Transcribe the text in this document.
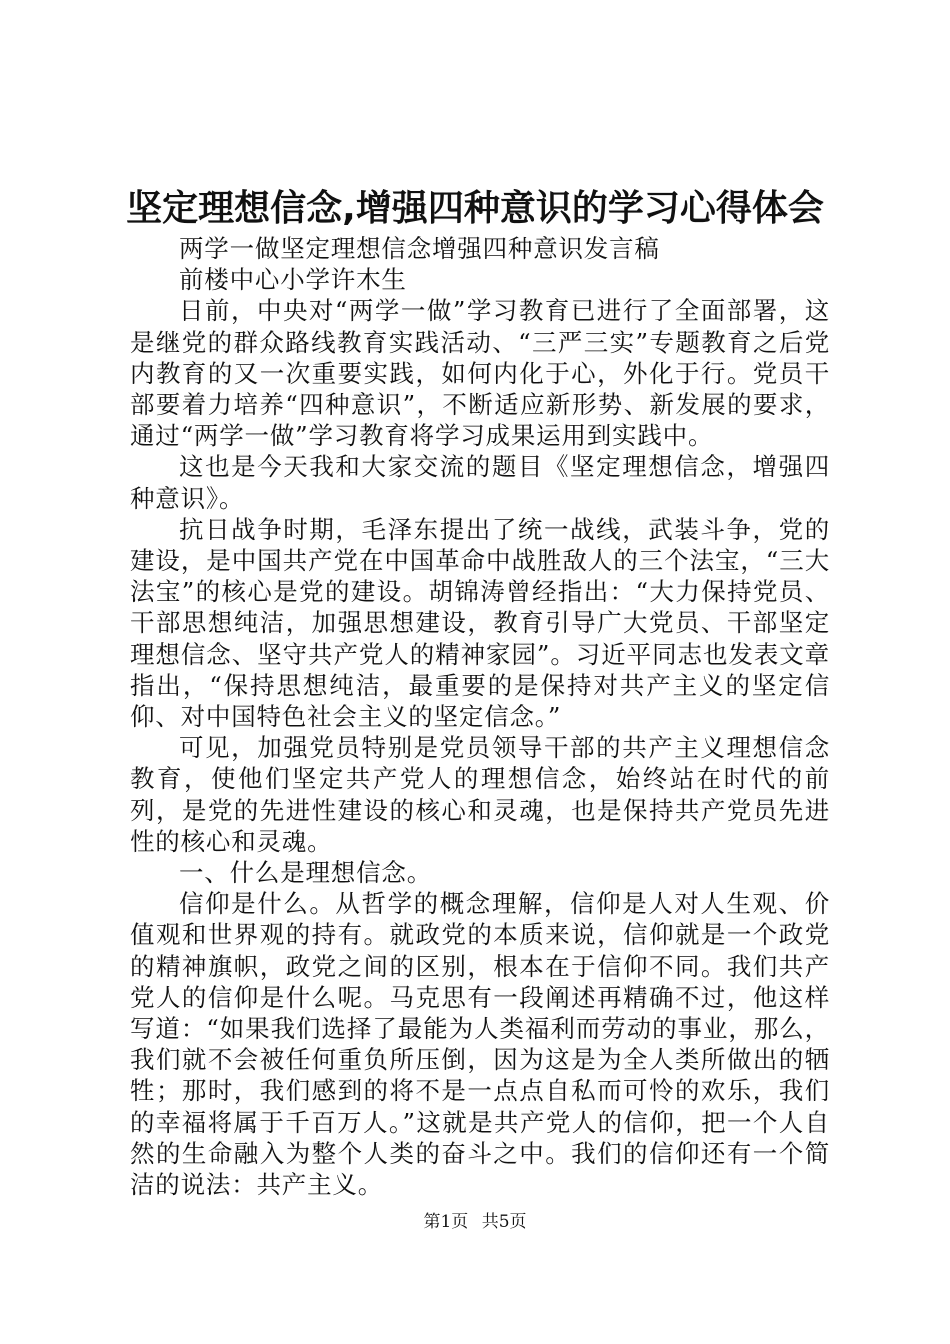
坚定理想信念,增强四种意识的学习心得体会

两学一做坚定理想信念增强四种意识发言稿

前楼中心小学许木生

日前，中央对“两学一做”学习教育已进行了全面部署，这是继党的群众路线教育实践活动、“三严三实”专题教育之后党内教育的又一次重要实践，如何内化于心，外化于行。党员干部要着力培养“四种意识”，不断适应新形势、新发展的要求，通过“两学一做”学习教育将学习成果运用到实践中。

这也是今天我和大家交流的题目《坚定理想信念，增强四种意识》。

抗日战争时期，毛泽东提出了统一战线，武装斗争，党的建设，是中国共产党在中国革命中战胜敌人的三个法宝，“三大法宝”的核心是党的建设。胡锦涛曾经指出：“大力保持党员、干部思想纯洁，加强思想建设，教育引导广大党员、干部坚定理想信念、坚守共产党人的精神家园”。习近平同志也发表文章指出，“保持思想纯洁，最重要的是保持对共产主义的坚定信仰、对中国特色社会主义的坚定信念。”

可见，加强党员特别是党员领导干部的共产主义理想信念教育，使他们坚定共产党人的理想信念，始终站在时代的前列，是党的先进性建设的核心和灵魂，也是保持共产党员先进性的核心和灵魂。

一、什么是理想信念。

信仰是什么。从哲学的概念理解，信仰是人对人生观、价值观和世界观的持有。就政党的本质来说，信仰就是一个政党的精神旗帜，政党之间的区别，根本在于信仰不同。我们共产党人的信仰是什么呢。马克思有一段阐述再精确不过，他这样写道：“如果我们选择了最能为人类福利而劳动的事业，那么，我们就不会被任何重负所压倒，因为这是为全人类所做出的牺牲；那时，我们感到的将不是一点点自私而可怜的欢乐，我们的幸福将属于千百万人。”这就是共产党人的信仰，把一个人自然的生命融入为整个人类的奋斗之中。我们的信仰还有一个简洁的说法：共产主义。

第1页 共5页
